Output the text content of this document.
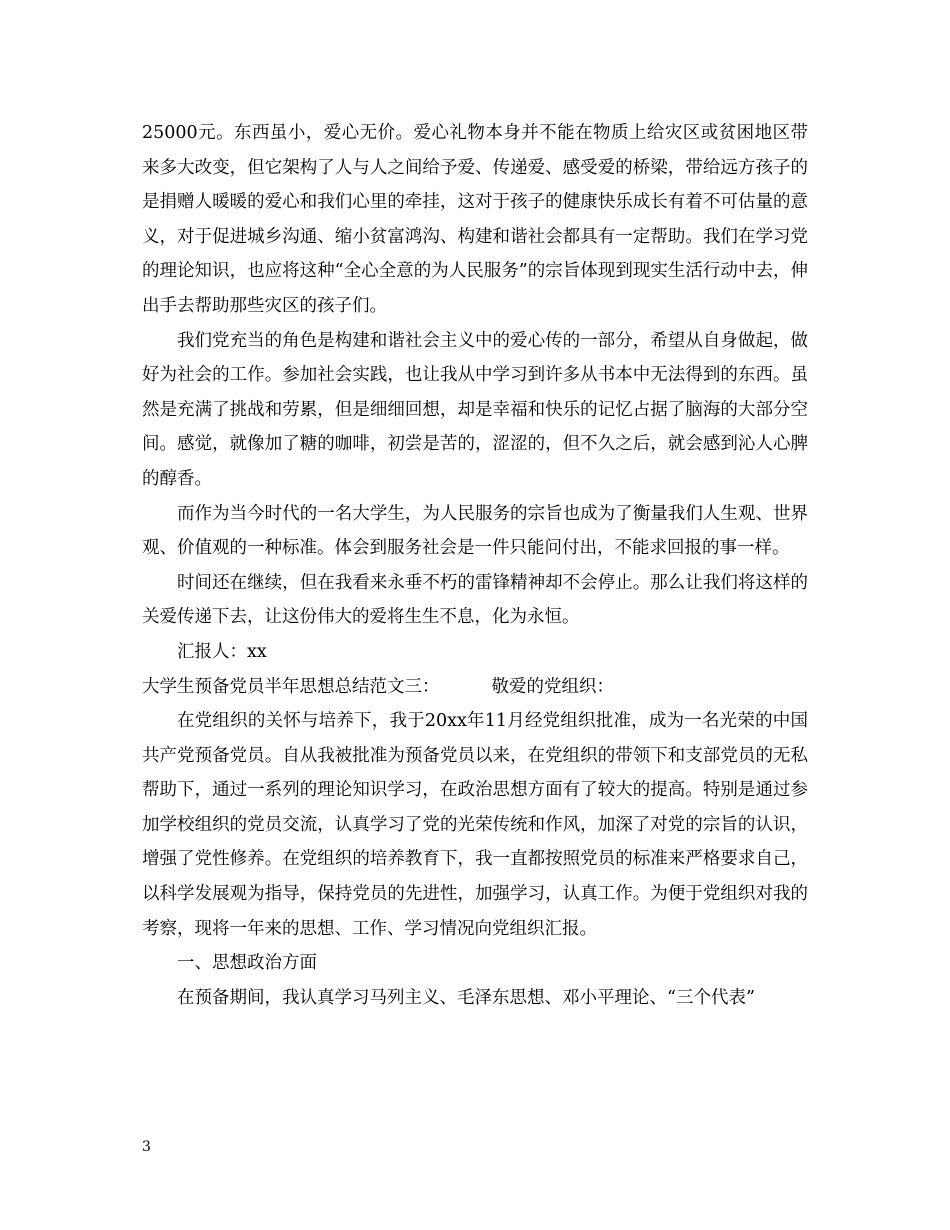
25000元。东西虽小，爱心无价。爱心礼物本身并不能在物质上给灾区或贫困地区带来多大改变，但它架构了人与人之间给予爱、传递爱、感受爱的桥梁，带给远方孩子的是捐赠人暖暖的爱心和我们心里的牵挂，这对于孩子的健康快乐成长有着不可估量的意义，对于促进城乡沟通、缩小贫富鸿沟、构建和谐社会都具有一定帮助。我们在学习党的理论知识，也应将这种“全心全意的为人民服务”的宗旨体现到现实生活行动中去，伸出手去帮助那些灾区的孩子们。

我们党充当的角色是构建和谐社会主义中的爱心传的一部分，希望从自身做起，做好为社会的工作。参加社会实践，也让我从中学习到许多从书本中无法得到的东西。虽然是充满了挑战和劳累，但是细细回想，却是幸福和快乐的记忆占据了脑海的大部分空间。感觉，就像加了糖的咖啡，初尝是苦的，涩涩的，但不久之后，就会感到沁人心脾的醇香。

而作为当今时代的一名大学生，为人民服务的宗旨也成为了衡量我们人生观、世界观、价值观的一种标准。体会到服务社会是一件只能问付出，不能求回报的事一样。

时间还在继续，但在我看来永垂不朽的雷锋精神却不会停止。那么让我们将这样的关爱传递下去，让这份伟大的爱将生生不息，化为永恒。

汇报人：xx

大学生预备党员半年思想总结范文三：	敬爱的党组织：

在党组织的关怀与培养下，我于20xx年11月经党组织批准，成为一名光荣的中国共产党预备党员。自从我被批准为预备党员以来，在党组织的带领下和支部党员的无私帮助下，通过一系列的理论知识学习，在政治思想方面有了较大的提高。特别是通过参加学校组织的党员交流，认真学习了党的光荣传统和作风，加深了对党的宗旨的认识，增强了党性修养。在党组织的培养教育下，我一直都按照党员的标准来严格要求自己，以科学发展观为指导，保持党员的先进性，加强学习，认真工作。为便于党组织对我的考察，现将一年来的思想、工作、学习情况向党组织汇报。

一、思想政治方面

在预备期间，我认真学习马列主义、毛泽东思想、邓小平理论、“三个代表”

3
